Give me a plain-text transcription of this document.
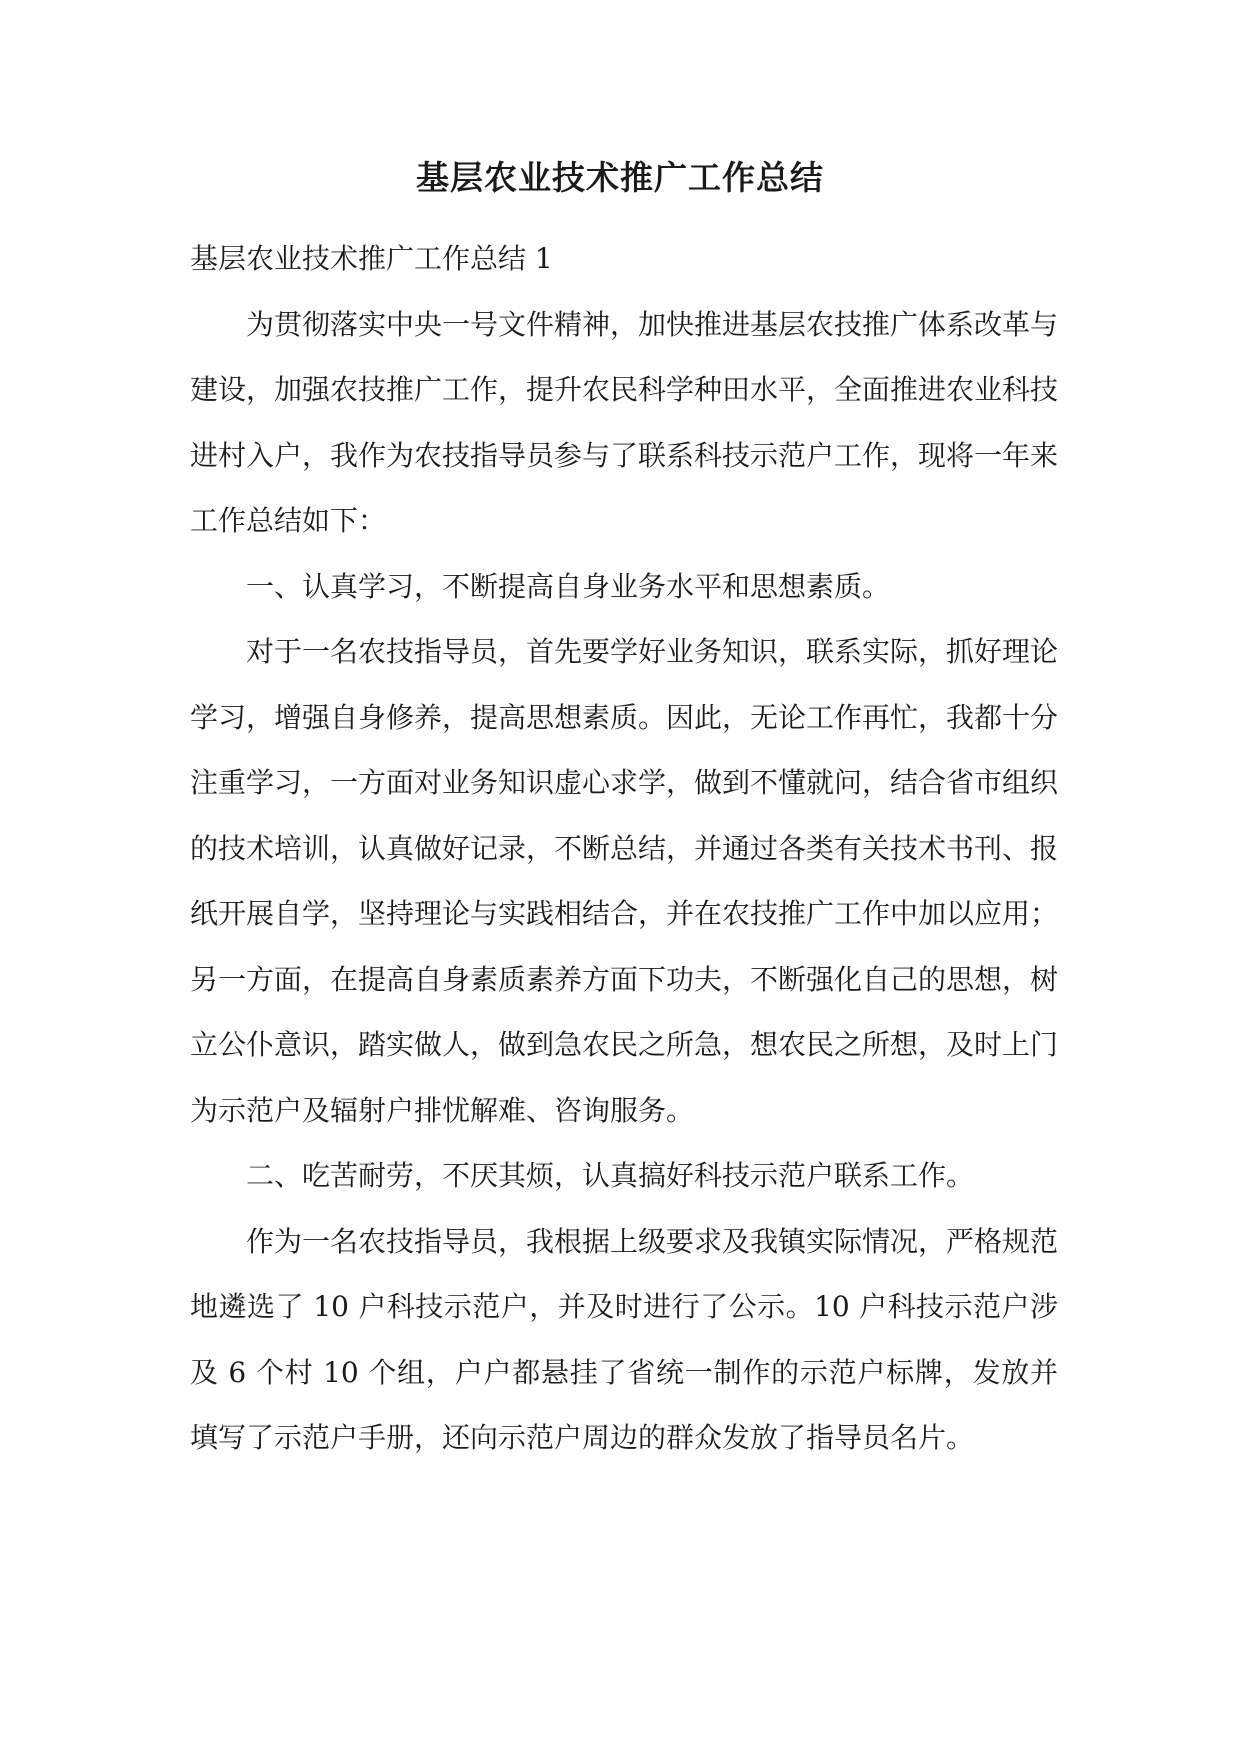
基层农业技术推广工作总结

基层农业技术推广工作总结 1

为贯彻落实中央一号文件精神，加快推进基层农技推广体系改革与建设，加强农技推广工作，提升农民科学种田水平，全面推进农业科技进村入户，我作为农技指导员参与了联系科技示范户工作，现将一年来工作总结如下：

一、认真学习，不断提高自身业务水平和思想素质。

对于一名农技指导员，首先要学好业务知识，联系实际，抓好理论学习，增强自身修养，提高思想素质。因此，无论工作再忙，我都十分注重学习，一方面对业务知识虚心求学，做到不懂就问，结合省市组织的技术培训，认真做好记录，不断总结，并通过各类有关技术书刊、报纸开展自学，坚持理论与实践相结合，并在农技推广工作中加以应用；另一方面，在提高自身素质素养方面下功夫，不断强化自己的思想，树立公仆意识，踏实做人，做到急农民之所急，想农民之所想，及时上门为示范户及辐射户排忧解难、咨询服务。

二、吃苦耐劳，不厌其烦，认真搞好科技示范户联系工作。

作为一名农技指导员，我根据上级要求及我镇实际情况，严格规范地遴选了 10 户科技示范户，并及时进行了公示。10 户科技示范户涉及 6 个村 10 个组，户户都悬挂了省统一制作的示范户标牌，发放并填写了示范户手册，还向示范户周边的群众发放了指导员名片。
